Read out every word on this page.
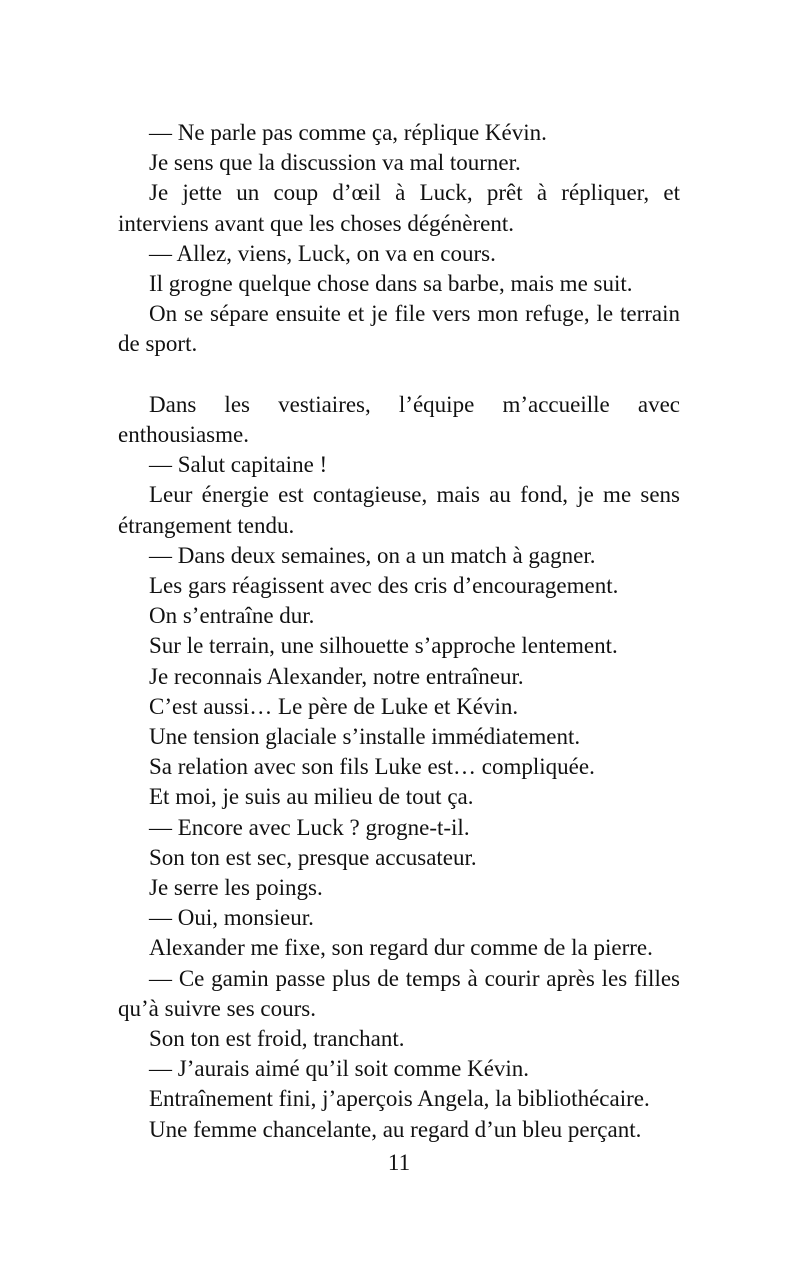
— Ne parle pas comme ça, réplique Kévin.

Je sens que la discussion va mal tourner.

Je jette un coup d’œil à Luck, prêt à répliquer, et interviens avant que les choses dégénèrent.

— Allez, viens, Luck, on va en cours.

Il grogne quelque chose dans sa barbe, mais me suit.

On se sépare ensuite et je file vers mon refuge, le terrain de sport.

Dans les vestiaires, l’équipe m’accueille avec enthousiasme.

— Salut capitaine !

Leur énergie est contagieuse, mais au fond, je me sens étrangement tendu.

— Dans deux semaines, on a un match à gagner.

Les gars réagissent avec des cris d’encouragement.

On s’entraîne dur.

Sur le terrain, une silhouette s’approche lentement.

Je reconnais Alexander, notre entraîneur.

C’est aussi… Le père de Luke et Kévin.

Une tension glaciale s’installe immédiatement.

Sa relation avec son fils Luke est… compliquée.

Et moi, je suis au milieu de tout ça.

— Encore avec Luck ? grogne-t-il.

Son ton est sec, presque accusateur.

Je serre les poings.

— Oui, monsieur.

Alexander me fixe, son regard dur comme de la pierre.

— Ce gamin passe plus de temps à courir après les filles qu’à suivre ses cours.

Son ton est froid, tranchant.

— J’aurais aimé qu’il soit comme Kévin.

Entraînement fini, j’aperçois Angela, la bibliothécaire.

Une femme chancelante, au regard d’un bleu perçant.

11
